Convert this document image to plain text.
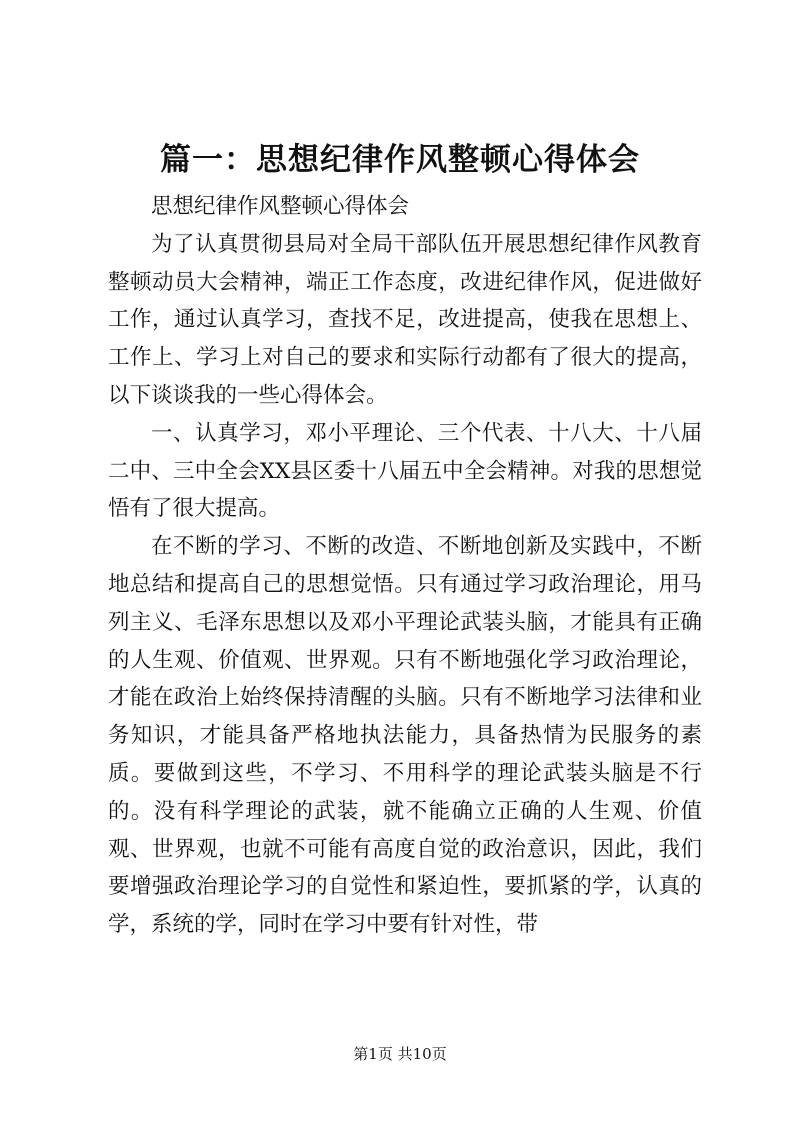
篇一：思想纪律作风整顿心得体会

思想纪律作风整顿心得体会

为了认真贯彻县局对全局干部队伍开展思想纪律作风教育整顿动员大会精神，端正工作态度，改进纪律作风，促进做好工作，通过认真学习，查找不足，改进提高，使我在思想上、工作上、学习上对自己的要求和实际行动都有了很大的提高，以下谈谈我的一些心得体会。

一、认真学习，邓小平理论、三个代表、十八大、十八届二中、三中全会XX县区委十八届五中全会精神。对我的思想觉悟有了很大提高。

在不断的学习、不断的改造、不断地创新及实践中，不断地总结和提高自己的思想觉悟。只有通过学习政治理论，用马列主义、毛泽东思想以及邓小平理论武装头脑，才能具有正确的人生观、价值观、世界观。只有不断地强化学习政治理论，才能在政治上始终保持清醒的头脑。只有不断地学习法律和业务知识，才能具备严格地执法能力，具备热情为民服务的素质。要做到这些，不学习、不用科学的理论武装头脑是不行的。没有科学理论的武装，就不能确立正确的人生观、价值观、世界观，也就不可能有高度自觉的政治意识，因此，我们要增强政治理论学习的自觉性和紧迫性，要抓紧的学，认真的学，系统的学，同时在学习中要有针对性，带

第1页 共10页
